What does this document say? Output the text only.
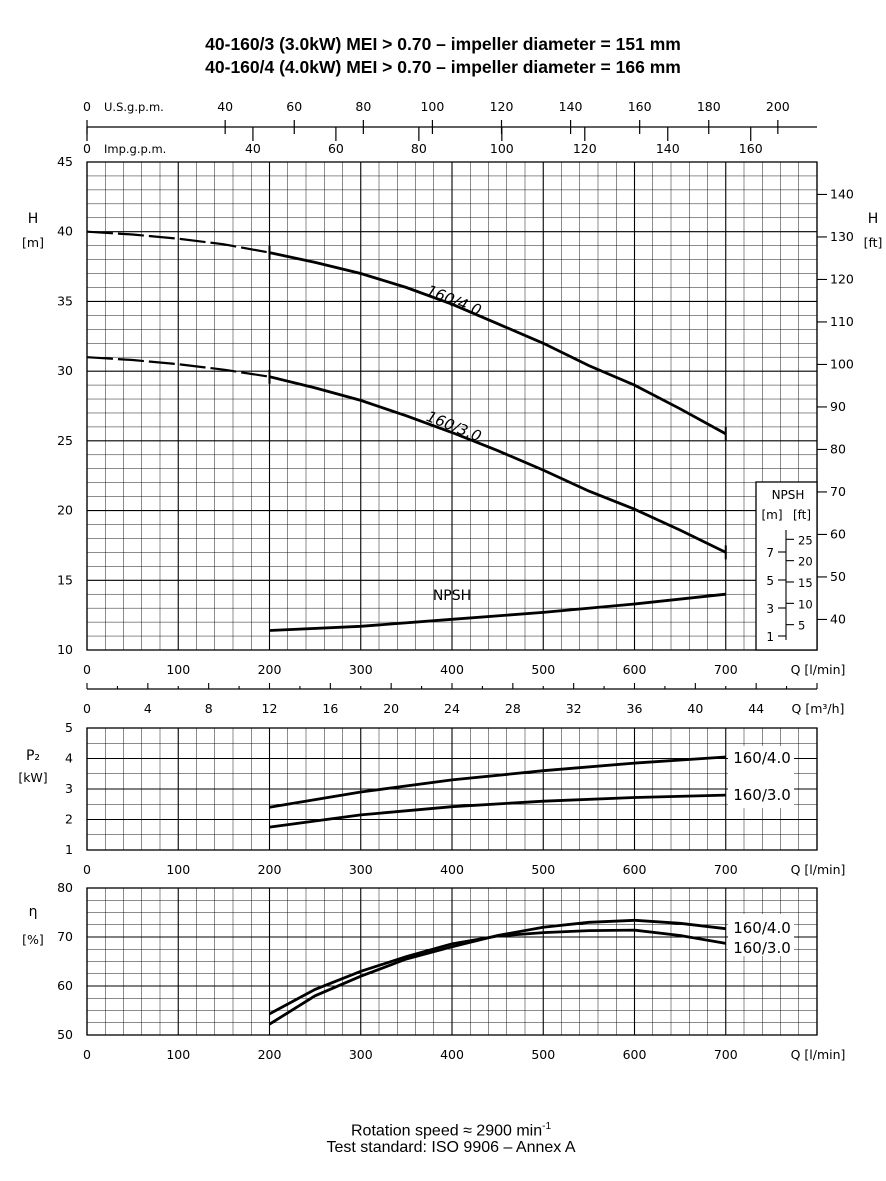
40-160/3 (3.0kW) MEI > 0.70 – impeller diameter = 151 mm
40-160/4 (4.0kW) MEI > 0.70 – impeller diameter = 166 mm
0	40	60	80	100	120	140	160	180	200
U.S.g.p.m.
0	40	60	80	100	120	140	160
Imp.g.p.m.
10
15
20
25
30
35
40
45
H
[m]
40
50
60
70
80
90
100
110
120
130
140
H
[ft]
0	100	200	300	400	500	600	700	Q [l/min]
160/4.0
160/3.0
NPSH
NPSH
[m] [ft]
1
3
5
7
5
10
15
20
25
0	4	8	12	16	20	24	28	32	36	40	44 Q [m³/h]
1
2
3
4
5
P₂
[kW]
0	100	200	300	400	500	600	700	Q [l/min]
160/4.0
160/3.0
50
60
70
80
η
[%]
0	100	200	300	400	500	600	700	Q [l/min]
160/4.0
160/3.0
Rotation speed ≈ 2900 $\min^{-1}$
Test standard: ISO 9906 – Annex A
